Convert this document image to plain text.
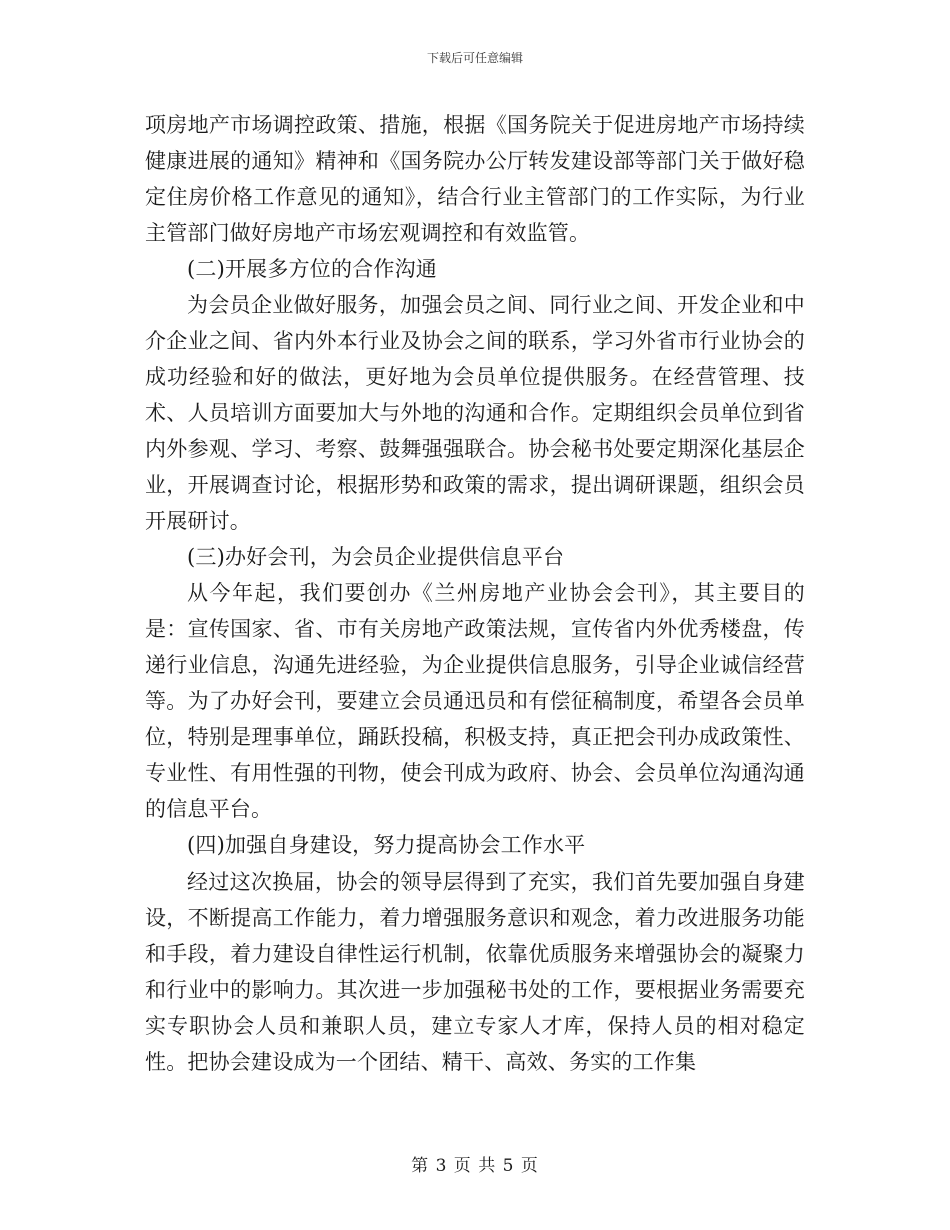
下载后可任意编辑

项房地产市场调控政策、措施，根据《国务院关于促进房地产市场持续健康进展的通知》精神和《国务院办公厅转发建设部等部门关于做好稳定住房价格工作意见的通知》，结合行业主管部门的工作实际，为行业主管部门做好房地产市场宏观调控和有效监管。

(二)开展多方位的合作沟通

为会员企业做好服务，加强会员之间、同行业之间、开发企业和中介企业之间、省内外本行业及协会之间的联系，学习外省市行业协会的成功经验和好的做法，更好地为会员单位提供服务。在经营管理、技术、人员培训方面要加大与外地的沟通和合作。定期组织会员单位到省内外参观、学习、考察、鼓舞强强联合。协会秘书处要定期深化基层企业，开展调查讨论，根据形势和政策的需求，提出调研课题，组织会员开展研讨。

(三)办好会刊，为会员企业提供信息平台

从今年起，我们要创办《兰州房地产业协会会刊》，其主要目的是：宣传国家、省、市有关房地产政策法规，宣传省内外优秀楼盘，传递行业信息，沟通先进经验，为企业提供信息服务，引导企业诚信经营等。为了办好会刊，要建立会员通迅员和有偿征稿制度，希望各会员单位，特别是理事单位，踊跃投稿，积极支持，真正把会刊办成政策性、专业性、有用性强的刊物，使会刊成为政府、协会、会员单位沟通沟通的信息平台。

(四)加强自身建设，努力提高协会工作水平

经过这次换届，协会的领导层得到了充实，我们首先要加强自身建设，不断提高工作能力，着力增强服务意识和观念，着力改进服务功能和手段，着力建设自律性运行机制，依靠优质服务来增强协会的凝聚力和行业中的影响力。其次进一步加强秘书处的工作，要根据业务需要充实专职协会人员和兼职人员，建立专家人才库，保持人员的相对稳定性。把协会建设成为一个团结、精干、高效、务实的工作集

第 3 页 共 5 页
